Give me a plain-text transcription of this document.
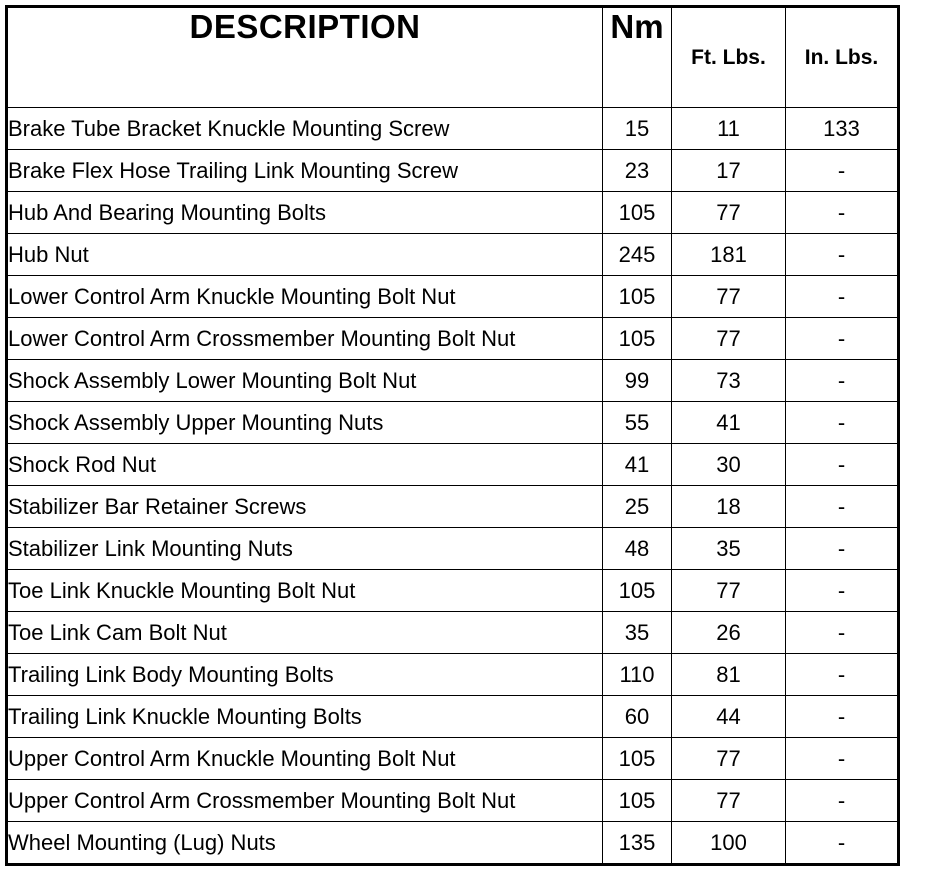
DESCRIPTION	Nm	Ft. Lbs.	In. Lbs.
Brake Tube Bracket Knuckle Mounting Screw	15	11	133
Brake Flex Hose Trailing Link Mounting Screw	23	17	-
Hub And Bearing Mounting Bolts	105	77	-
Hub Nut	245	181	-
Lower Control Arm Knuckle Mounting Bolt Nut	105	77	-
Lower Control Arm Crossmember Mounting Bolt Nut	105	77	-
Shock Assembly Lower Mounting Bolt Nut	99	73	-
Shock Assembly Upper Mounting Nuts	55	41	-
Shock Rod Nut	41	30	-
Stabilizer Bar Retainer Screws	25	18	-
Stabilizer Link Mounting Nuts	48	35	-
Toe Link Knuckle Mounting Bolt Nut	105	77	-
Toe Link Cam Bolt Nut	35	26	-
Trailing Link Body Mounting Bolts	110	81	-
Trailing Link Knuckle Mounting Bolts	60	44	-
Upper Control Arm Knuckle Mounting Bolt Nut	105	77	-
Upper Control Arm Crossmember Mounting Bolt Nut	105	77	-
Wheel Mounting (Lug) Nuts	135	100	-
